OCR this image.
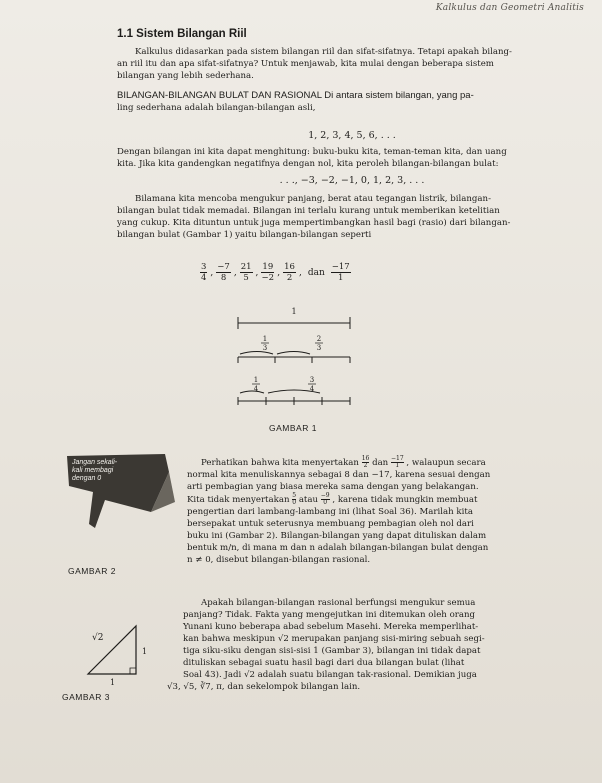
Kalkulus dan Geometri Analitis
1.1 Sistem Bilangan Riil
Kalkulus didasarkan pada sistem bilangan riil dan sifat-sifatnya. Tetapi apakah bilang-
an riil itu dan apa sifat-sifatnya? Untuk menjawab, kita mulai dengan beberapa sistem
bilangan yang lebih sederhana.
BILANGAN-BILANGAN BULAT DAN RASIONAL Di antara sistem bilangan, yang pa-
ling sederhana adalah bilangan-bilangan asli,
1, 2, 3, 4, 5, 6, . . .
Dengan bilangan ini kita dapat menghitung: buku-buku kita, teman-teman kita, dan uang
kita. Jika kita gandengkan negatifnya dengan nol, kita peroleh bilangan-bilangan bulat:
. . ., −3, −2, −1, 0, 1, 2, 3, . . .
Bilamana kita mencoba mengukur panjang, berat atau tegangan listrik, bilangan-
bilangan bulat tidak memadai. Bilangan ini terlalu kurang untuk memberikan ketelitian
yang cukup. Kita dituntun untuk juga mempertimbangkan hasil bagi (rasio) dari bilangan-
bilangan bulat (Gambar 1) yaitu bilangan-bilangan seperti
$\frac{3}{4}$ , $\frac{-7}{8}$ , $\frac{21}{5}$ , $\frac{19}{-2}$ , $\frac{16}{2}$ , dan $\frac{-17}{1}$
1
1
3
2
3
1
4
3
4
GAMBAR 1
Jangan sekali-
kali membagi
dengan 0
GAMBAR 2
Perhatikan bahwa kita menyertakan $\frac{16}{2}$ dan $\frac{-17}{1}$ , walaupun secara
normal kita menuliskannya sebagai 8 dan −17, karena sesuai dengan
arti pembagian yang biasa mereka sama dengan yang belakangan.
Kita tidak menyertakan $\frac{5}{0}$ atau $\frac{-9}{0}$ , karena tidak mungkin membuat
pengertian dari lambang-lambang ini (lihat Soal 36). Marilah kita
bersepakat untuk seterusnya membuang pembagian oleh nol dari
buku ini (Gambar 2). Bilangan-bilangan yang dapat dituliskan dalam
bentuk m/n, di mana m dan n adalah bilangan-bilangan bulat dengan
n ≠ 0, disebut bilangan-bilangan rasional.
Apakah bilangan-bilangan rasional berfungsi mengukur semua
panjang? Tidak. Fakta yang mengejutkan ini ditemukan oleh orang
Yunani kuno beberapa abad sebelum Masehi. Mereka memperlihat-
kan bahwa meskipun √2 merupakan panjang sisi-miring sebuah segi-
tiga siku-siku dengan sisi-sisi 1 (Gambar 3), bilangan ini tidak dapat
dituliskan sebagai suatu hasil bagi dari dua bilangan bulat (lihat
Soal 43). Jadi √2 adalah suatu bilangan tak-rasional. Demikian juga
√3, √5, ∛7, π, dan sekelompok bilangan lain.
√2
1
1
GAMBAR 3
